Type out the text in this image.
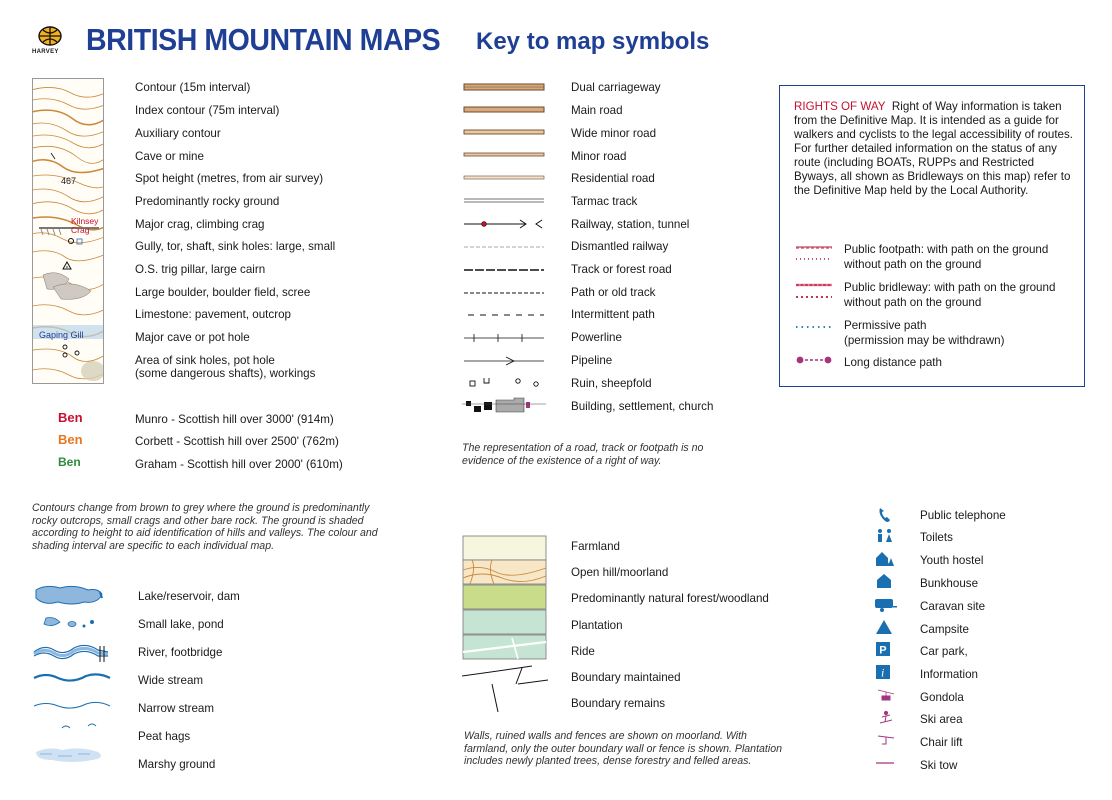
HARVEY BRITISH MOUNTAIN MAPS Key to map symbols
467
Kilnsey Crag
Gaping Gill
Contour (15m interval)
Index contour (75m interval)
Auxiliary contour
Cave or mine
Spot height (metres, from air survey)
Predominantly rocky ground
Major crag, climbing crag
Gully, tor, shaft, sink holes: large, small
O.S. trig pillar, large cairn
Large boulder, boulder field, scree
Limestone: pavement, outcrop
Major cave or pot hole
Area of sink holes, pot hole
(some dangerous shafts), workings
Ben	Munro - Scottish hill over 3000' (914m)
Ben	Corbett - Scottish hill over 2500' (762m)
Ben	Graham - Scottish hill over 2000' (610m)
Dual carriageway
Main road
Wide minor road
Minor road
Residential road
Tarmac track
Railway, station, tunnel
Dismantled railway
Track or forest road
Path or old track
Intermittent path
Powerline
Pipeline
Ruin, sheepfold
Building, settlement, church
The representation of a road, track or footpath is no evidence of the existence of a right of way.
RIGHTS OF WAY Right of Way information is taken from the Definitive Map. It is intended as a guide for walkers and cyclists to the legal accessibility of routes. For further detailed information on the status of any route (including BOATs, RUPPs and Restricted Byways, all shown as Bridleways on this map) refer to the Definitive Map held by the Local Authority.
Public footpath: with path on the ground
without path on the ground
Public bridleway: with path on the ground
without path on the ground
Permissive path
(permission may be withdrawn)
Long distance path
Contours change from brown to grey where the ground is predominantly rocky outcrops, small crags and other bare rock. The ground is shaded according to height to aid identification of hills and valleys. The colour and shading interval are specific to each individual map.
Lake/reservoir, dam
Small lake, pond
River, footbridge
Wide stream
Narrow stream
Peat hags
Marshy ground
Farmland
Open hill/moorland
Predominantly natural forest/woodland
Plantation
Ride
Boundary maintained
Boundary remains
Walls, ruined walls and fences are shown on moorland. With farmland, only the outer boundary wall or fence is shown. Plantation includes newly planted trees, dense forestry and felled areas.
P
i
Public telephone
Toilets
Youth hostel
Bunkhouse
Caravan site
Campsite
Car park,
Information
Gondola
Ski area
Chair lift
Ski tow
